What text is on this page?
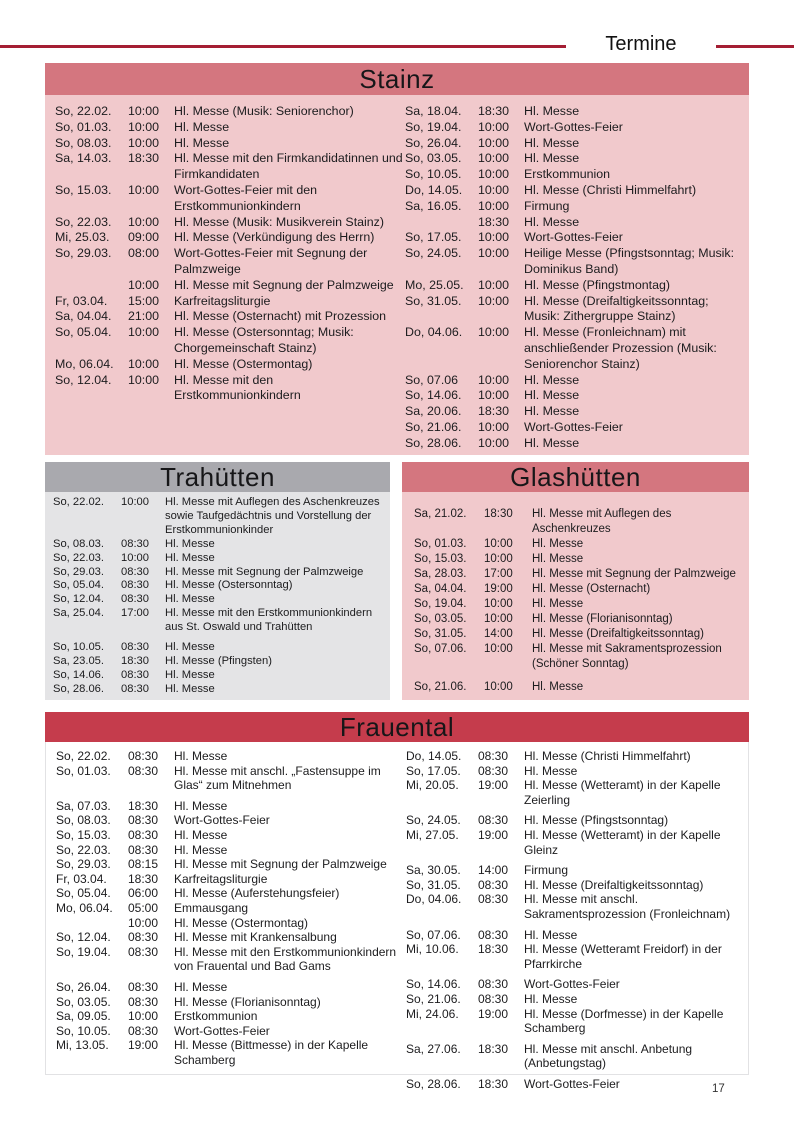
Termine
Stainz
So, 22.02.	10:00 Hl. Messe (Musik: Seniorenchor)
So, 01.03.	10:00 Hl. Messe
So, 08.03.	10:00 Hl. Messe
Sa, 14.03.	18:30 Hl. Messe mit den Firmkandidatinnen und Firmkandidaten
So, 15.03.	10:00 Wort-Gottes-Feier mit den Erstkommunionkindern
So, 22.03.	10:00 Hl. Messe (Musik: Musikverein Stainz)
Mi, 25.03.	09:00 Hl. Messe (Verkündigung des Herrn)
So, 29.03.	08:00 Wort-Gottes-Feier mit Segnung der Palmzweige
10:00 Hl. Messe mit Segnung der Palmzweige
Fr, 03.04.	15:00 Karfreitagsliturgie
Sa, 04.04.	21:00 Hl. Messe (Osternacht) mit Prozession
So, 05.04.	10:00 Hl. Messe (Ostersonntag; Musik: Chorgemeinschaft Stainz)
Mo, 06.04.	10:00 Hl. Messe (Ostermontag)
So, 12.04.	10:00 Hl. Messe mit den Erstkommunionkindern
Sa, 18.04.	18:30 Hl. Messe
So, 19.04.	10:00 Wort-Gottes-Feier
So, 26.04.	10:00 Hl. Messe
So, 03.05.	10:00 Hl. Messe
So, 10.05.	10:00 Erstkommunion
Do, 14.05.	10:00 Hl. Messe (Christi Himmelfahrt)
Sa, 16.05.	10:00 Firmung
18:30 Hl. Messe
So, 17.05.	10:00 Wort-Gottes-Feier
So, 24.05.	10:00 Heilige Messe (Pfingstsonntag; Musik: Dominikus Band)
Mo, 25.05.	10:00 Hl. Messe (Pfingstmontag)
So, 31.05.	10:00 Hl. Messe (Dreifaltigkeitssonntag; Musik: Zithergruppe Stainz)
Do, 04.06.	10:00 Hl. Messe (Fronleichnam) mit anschließender Prozession (Musik: Seniorenchor Stainz)
So, 07.06	10:00 Hl. Messe
So, 14.06.	10:00 Hl. Messe
Sa, 20.06.	18:30 Hl. Messe
So, 21.06.	10:00 Wort-Gottes-Feier
So, 28.06.	10:00 Hl. Messe
Trahütten
So, 22.02.	10:00 Hl. Messe mit Auflegen des Aschenkreuzes sowie Taufgedächtnis und Vorstellung der Erstkommunionkinder
So, 08.03.	08:30 Hl. Messe
So, 22.03.	10:00 Hl. Messe
So, 29.03.	08:30 Hl. Messe mit Segnung der Palmzweige
So, 05.04.	08:30 Hl. Messe (Ostersonntag)
So, 12.04.	08:30 Hl. Messe
Sa, 25.04.	17:00 Hl. Messe mit den Erstkommunionkindern aus St. Oswald und Trahütten
So, 10.05.	08:30 Hl. Messe
Sa, 23.05.	18:30 Hl. Messe (Pfingsten)
So, 14.06.	08:30 Hl. Messe
So, 28.06.	08:30 Hl. Messe
Glashütten
Sa, 21.02.	18:30 Hl. Messe mit Auflegen des Aschenkreuzes
So, 01.03.	10:00 Hl. Messe
So, 15.03.	10:00 Hl. Messe
Sa, 28.03.	17:00 Hl. Messe mit Segnung der Palmzweige
Sa, 04.04.	19:00 Hl. Messe (Osternacht)
So, 19.04.	10:00 Hl. Messe
So, 03.05.	10:00 Hl. Messe (Florianisonntag)
So, 31.05.	14:00 Hl. Messe (Dreifaltigkeitssonntag)
So, 07.06.	10:00 Hl. Messe mit Sakramentsprozession (Schöner Sonntag)
So, 21.06.	10:00 Hl. Messe
Frauental
So, 22.02.	08:30 Hl. Messe
So, 01.03.	08:30 Hl. Messe mit anschl. „Fastensuppe im Glas“ zum Mitnehmen
Sa, 07.03.	18:30 Hl. Messe
So, 08.03.	08:30 Wort-Gottes-Feier
So, 15.03.	08:30 Hl. Messe
So, 22.03.	08:30 Hl. Messe
So, 29.03.	08:15 Hl. Messe mit Segnung der Palmzweige
Fr, 03.04.	18:30 Karfreitagsliturgie
So, 05.04.	06:00 Hl. Messe (Auferstehungsfeier)
Mo, 06.04.	05:00 Emmausgang
10:00 Hl. Messe (Ostermontag)
So, 12.04.	08:30 Hl. Messe mit Krankensalbung
So, 19.04.	08:30 Hl. Messe mit den Erstkommunionkindern von Frauental und Bad Gams
So, 26.04.	08:30 Hl. Messe
So, 03.05.	08:30 Hl. Messe (Florianisonntag)
Sa, 09.05.	10:00 Erstkommunion
So, 10.05.	08:30 Wort-Gottes-Feier
Mi, 13.05.	19:00 Hl. Messe (Bittmesse) in der Kapelle Schamberg
Do, 14.05.	08:30 Hl. Messe (Christi Himmelfahrt)
So, 17.05.	08:30 Hl. Messe
Mi, 20.05.	19:00 Hl. Messe (Wetteramt) in der Kapelle Zeierling
So, 24.05.	08:30 Hl. Messe (Pfingstsonntag)
Mi, 27.05.	19:00 Hl. Messe (Wetteramt) in der Kapelle Gleinz
Sa, 30.05.	14:00 Firmung
So, 31.05.	08:30 Hl. Messe (Dreifaltigkeitssonntag)
Do, 04.06.	08:30 Hl. Messe mit anschl. Sakramentsprozession (Fronleichnam)
So, 07.06.	08:30 Hl. Messe
Mi, 10.06.	18:30 Hl. Messe (Wetteramt Freidorf) in der Pfarrkirche
So, 14.06.	08:30 Wort-Gottes-Feier
So, 21.06.	08:30 Hl. Messe
Mi, 24.06.	19:00 Hl. Messe (Dorfmesse) in der Kapelle Schamberg
Sa, 27.06.	18:30 Hl. Messe mit anschl. Anbetung (Anbetungstag)
So, 28.06.	18:30 Wort-Gottes-Feier	17
